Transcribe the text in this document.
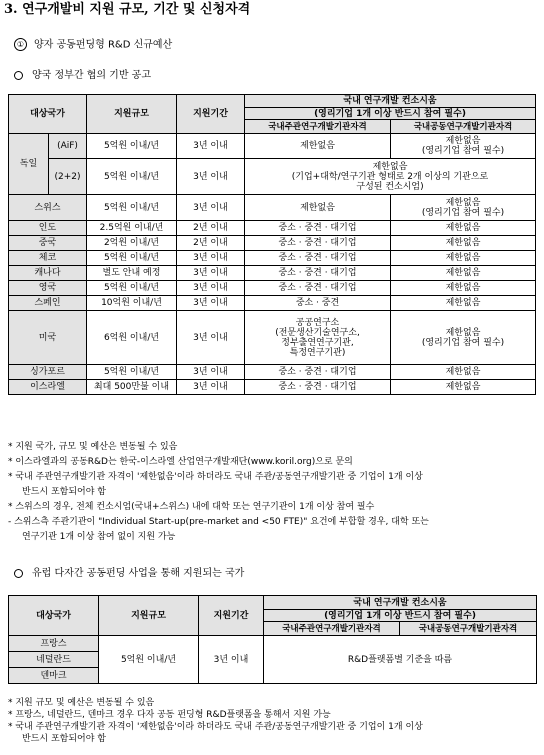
3. 연구개발비 지원 규모, 기간 및 신청자격
① 양자 공동펀딩형 R&D 신규예산
양국 정부간 협의 기반 공고
대상국가		지원규모	지원기간	국내 연구개발 컨소시움	
				(영리기업 1개 이상 반드시 참여 필수)	
				국내주관연구개발기관자격	국내공동연구개발기관자격
독일	(AiF)	5억원 이내/년	3년 이내	제한없음	제한없음
(영리기업 참여 필수)
	(2+2)	5억원 이내/년	3년 이내	제한없음
(기업+대학/연구기관 형태로 2개 이상의 기관으로
구성된 컨소시엄)	
스위스		5억원 이내/년	3년 이내	제한없음	제한없음
(영리기업 참여 필수)
인도		2.5억원 이내/년	2년 이내	중소 · 중견 · 대기업	제한없음
중국		2억원 이내/년	2년 이내	중소 · 중견 · 대기업	제한없음
체코		5억원 이내/년	3년 이내	중소 · 중견 · 대기업	제한없음
캐나다		별도 안내 예정	3년 이내	중소 · 중견 · 대기업	제한없음
영국		5억원 이내/년	3년 이내	중소 · 중견 · 대기업	제한없음
스페인		10억원 이내/년	3년 이내	중소 · 중견	제한없음
미국		6억원 이내/년	3년 이내	공공연구소
(전문생산기술연구소,
정부출연연구기관,
특정연구기관)	제한없음
(영리기업 참여 필수)
싱가포르		5억원 이내/년	3년 이내	중소 · 중견 · 대기업	제한없음
이스라엘		최대 500만불 이내	3년 이내	중소 · 중견 · 대기업	제한없음
* 지원 국가, 규모 및 예산은 변동될 수 있음
* 이스라엘과의 공동R&D는 한국-이스라엘 산업연구개발재단(www.koril.org)으로 문의
* 국내 주관연구개발기관 자격이 '제한없음'이라 하더라도 국내 주관/공동연구개발기관 중 기업이 1개 이상
반드시 포함되어야 함
* 스위스의 경우, 전체 컨소시엄(국내+스위스) 내에 대학 또는 연구기관이 1개 이상 참여 필수
- 스위스측 주관기관이 "Individual Start-up(pre-market and <50 FTE)" 요건에 부합할 경우, 대학 또는
연구기관 1개 이상 참여 없이 지원 가능
유럽 다자간 공동펀딩 사업을 통해 지원되는 국가
대상국가	지원규모	지원기간	국내 연구개발 컨소시움	
			(영리기업 1개 이상 반드시 참여 필수)	
			국내주관연구개발기관자격	국내공동연구개발기관자격
프랑스	5억원 이내/년	3년 이내	R&D플랫폼별 기준을 따름	
네덜란드				
덴마크				
* 지원 규모 및 예산은 변동될 수 있음
* 프랑스, 네덜란드, 덴마크 경우 다자 공동 펀딩형 R&D플랫폼을 통해서 지원 가능
* 국내 주관연구개발기관 자격이 '제한없음'이라 하더라도 국내 주관/공동연구개발기관 중 기업이 1개 이상
반드시 포함되어야 함
